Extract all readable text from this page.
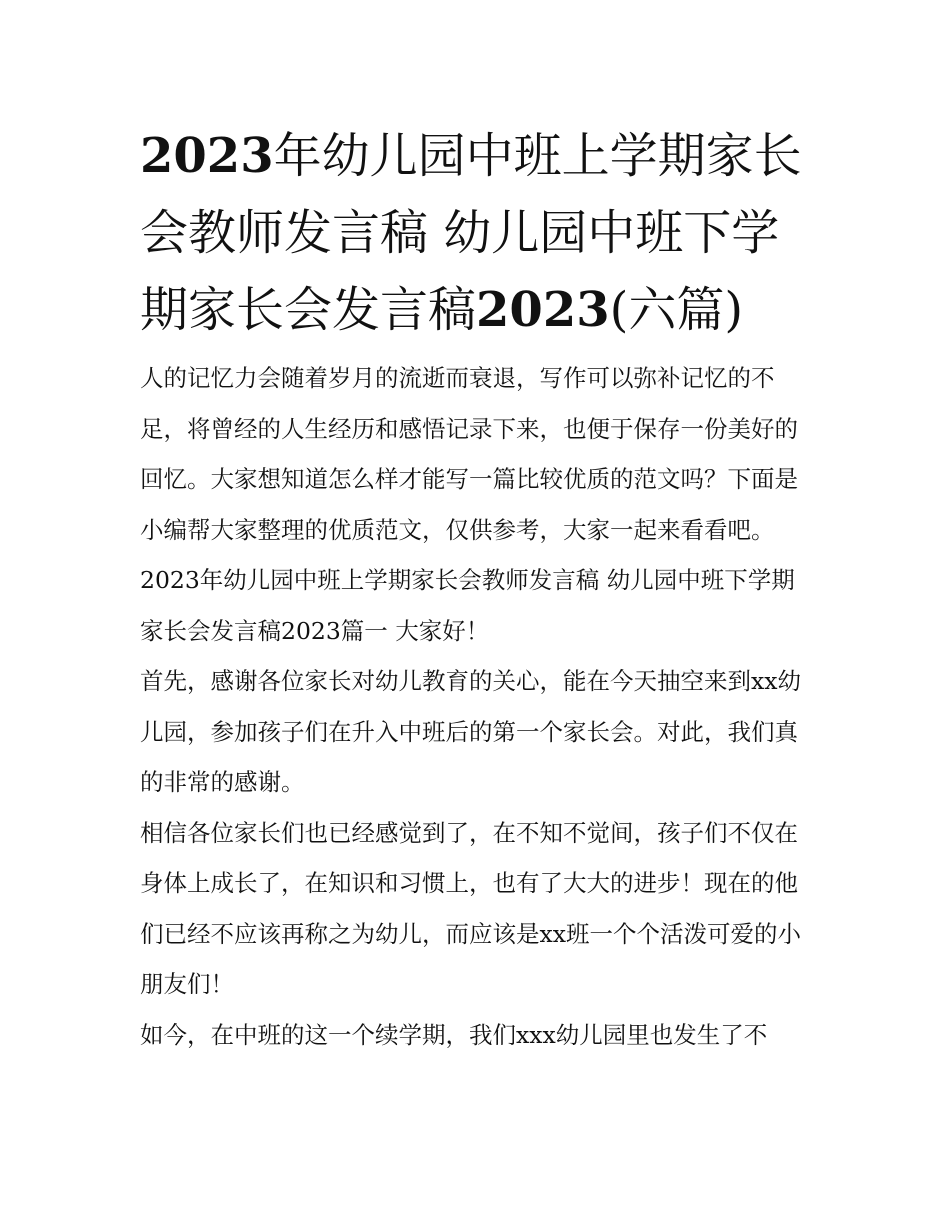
2023年幼儿园中班上学期家长会教师发言稿 幼儿园中班下学期家长会发言稿2023(六篇)

人的记忆力会随着岁月的流逝而衰退，写作可以弥补记忆的不足，将曾经的人生经历和感悟记录下来，也便于保存一份美好的回忆。大家想知道怎么样才能写一篇比较优质的范文吗？下面是小编帮大家整理的优质范文，仅供参考，大家一起来看看吧。

2023年幼儿园中班上学期家长会教师发言稿 幼儿园中班下学期家长会发言稿2023篇一 大家好！

首先，感谢各位家长对幼儿教育的关心，能在今天抽空来到xx幼儿园，参加孩子们在升入中班后的第一个家长会。对此，我们真的非常的感谢。

相信各位家长们也已经感觉到了，在不知不觉间，孩子们不仅在身体上成长了，在知识和习惯上，也有了大大的进步！现在的他们已经不应该再称之为幼儿，而应该是xx班一个个活泼可爱的小朋友们！

如今，在中班的这一个续学期，我们xxx幼儿园里也发生了不
